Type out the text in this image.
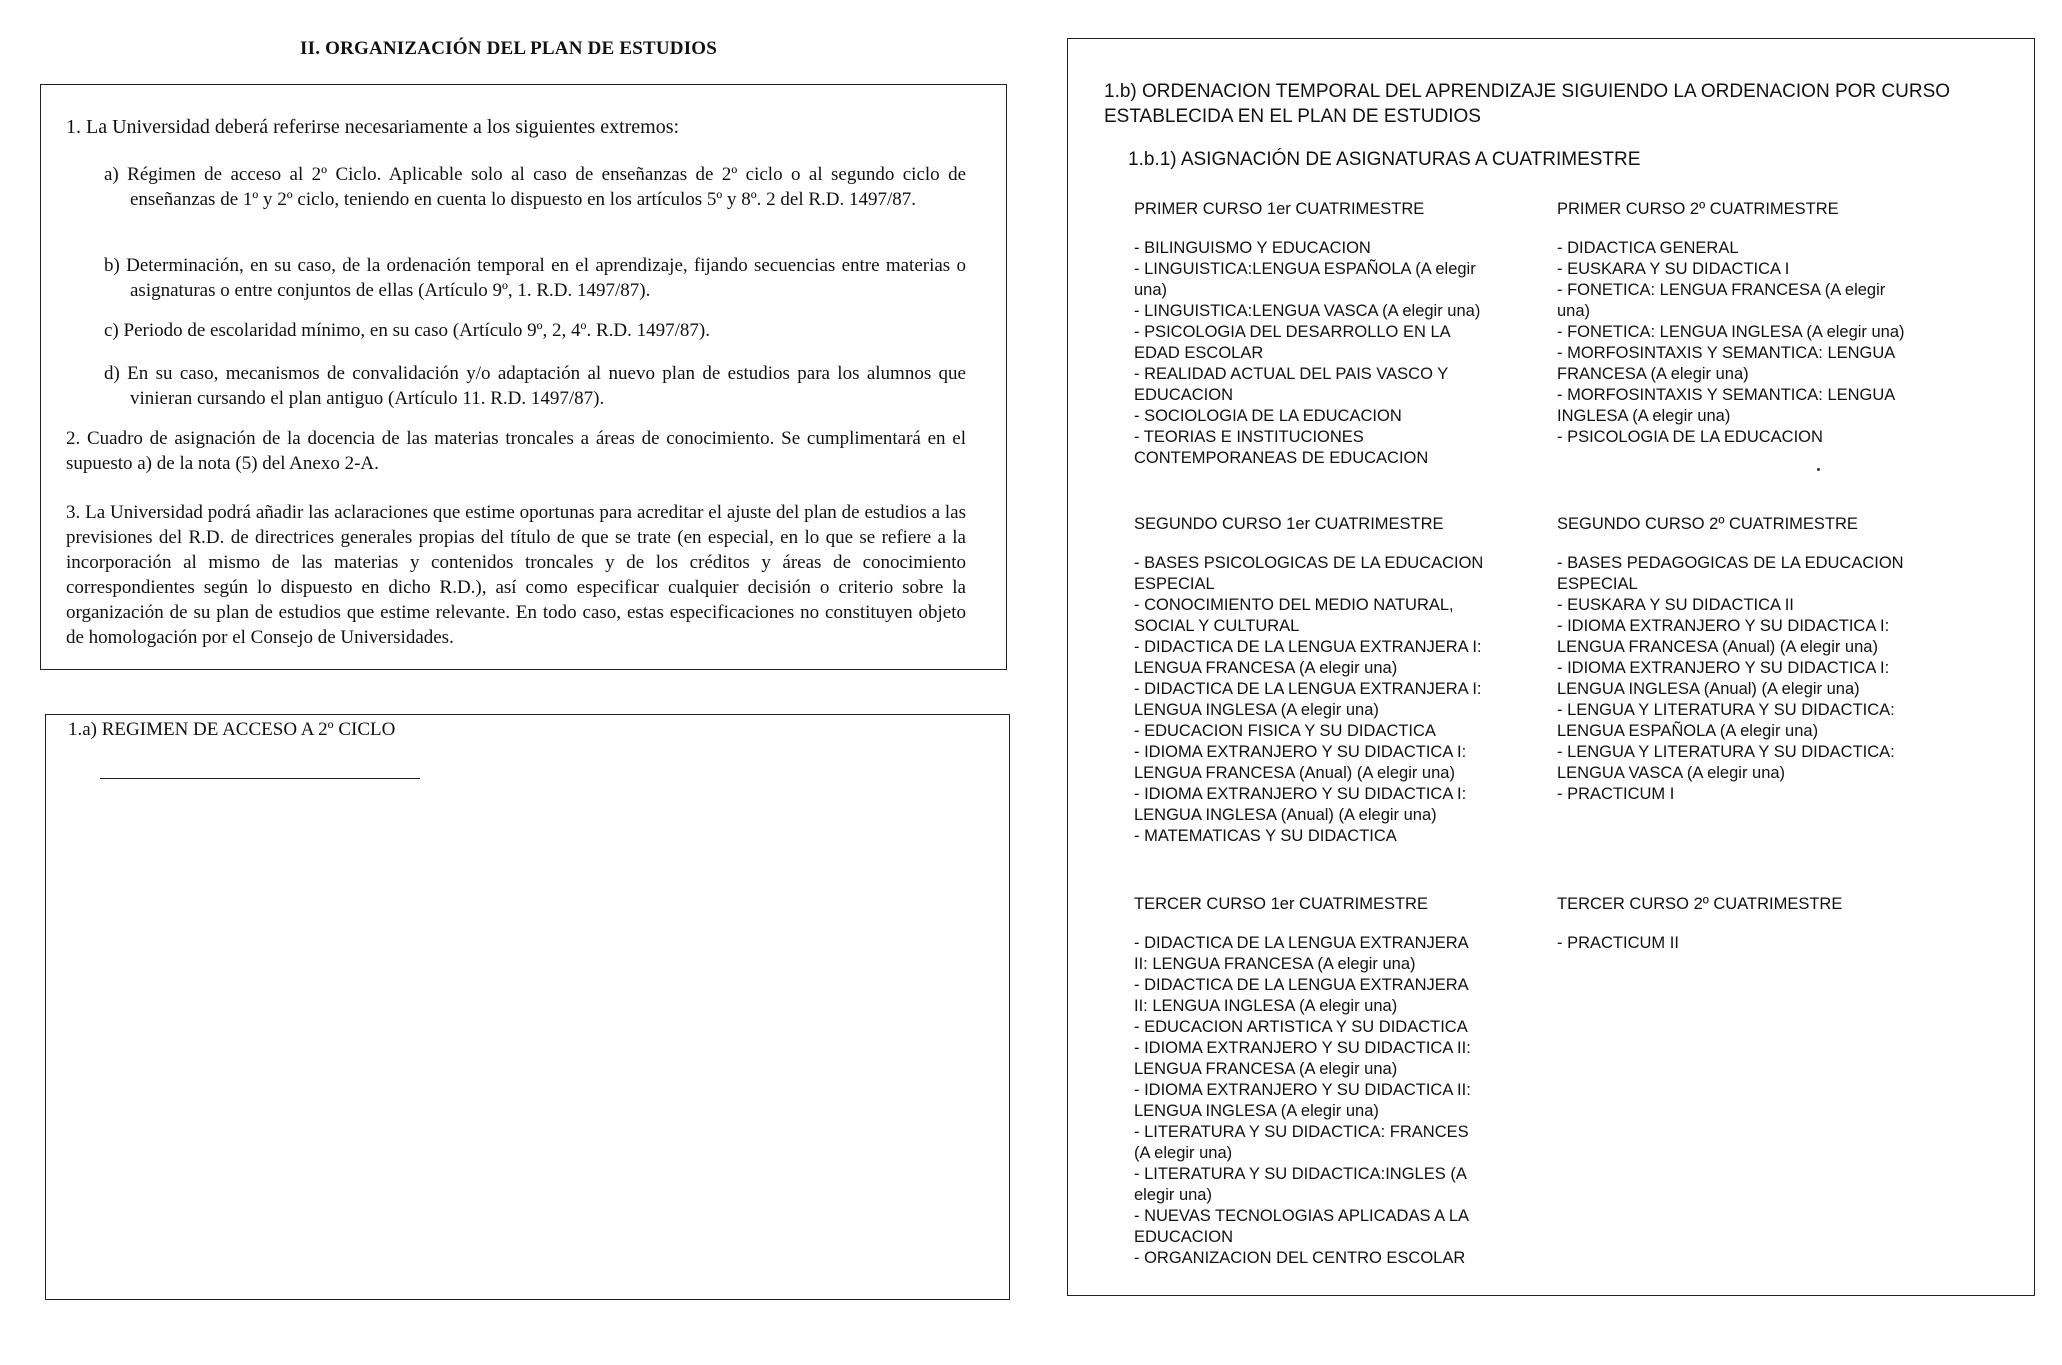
II. ORGANIZACIÓN DEL PLAN DE ESTUDIOS
1. La Universidad deberá referirse necesariamente a los siguientes extremos:
a) Régimen de acceso al 2º Ciclo. Aplicable solo al caso de enseñanzas de 2º ciclo o al segundo ciclo de enseñanzas de 1º y 2º ciclo, teniendo en cuenta lo dispuesto en los artículos 5º y 8º. 2 del R.D. 1497/87.
b) Determinación, en su caso, de la ordenación temporal en el aprendizaje, fijando secuencias entre materias o asignaturas o entre conjuntos de ellas (Artículo 9º, 1. R.D. 1497/87).
c) Periodo de escolaridad mínimo, en su caso (Artículo 9º, 2, 4º. R.D. 1497/87).
d) En su caso, mecanismos de convalidación y/o adaptación al nuevo plan de estudios para los alumnos que vinieran cursando el plan antiguo (Artículo 11. R.D. 1497/87).
2. Cuadro de asignación de la docencia de las materias troncales a áreas de conocimiento. Se cumplimentará en el supuesto a) de la nota (5) del Anexo 2-A.
3. La Universidad podrá añadir las aclaraciones que estime oportunas para acreditar el ajuste del plan de estudios a las previsiones del R.D. de directrices generales propias del título de que se trate (en especial, en lo que se refiere a la incorporación al mismo de las materias y contenidos troncales y de los créditos y áreas de conocimiento correspondientes según lo dispuesto en dicho R.D.), así como especificar cualquier decisión o criterio sobre la organización de su plan de estudios que estime relevante. En todo caso, estas especificaciones no constituyen objeto de homologación por el Consejo de Universidades.
1.a) REGIMEN DE ACCESO A 2º CICLO
1.b) ORDENACION TEMPORAL DEL APRENDIZAJE SIGUIENDO LA ORDENACION POR CURSO ESTABLECIDA EN EL PLAN DE ESTUDIOS
1.b.1) ASIGNACIÓN DE ASIGNATURAS A CUATRIMESTRE
PRIMER CURSO 1er CUATRIMESTRE
- BILINGUISMO Y EDUCACION
- LINGUISTICA:LENGUA ESPAÑOLA (A elegir
una)
- LINGUISTICA:LENGUA VASCA (A elegir una)
- PSICOLOGIA DEL DESARROLLO EN LA
EDAD ESCOLAR
- REALIDAD ACTUAL DEL PAIS VASCO Y
EDUCACION
- SOCIOLOGIA DE LA EDUCACION
- TEORIAS E INSTITUCIONES
CONTEMPORANEAS DE EDUCACION
PRIMER CURSO 2º CUATRIMESTRE
- DIDACTICA GENERAL
- EUSKARA Y SU DIDACTICA I
- FONETICA: LENGUA FRANCESA (A elegir
una)
- FONETICA: LENGUA INGLESA (A elegir una)
- MORFOSINTAXIS Y SEMANTICA: LENGUA
FRANCESA (A elegir una)
- MORFOSINTAXIS Y SEMANTICA: LENGUA
INGLESA (A elegir una)
- PSICOLOGIA DE LA EDUCACION
SEGUNDO CURSO 1er CUATRIMESTRE
- BASES PSICOLOGICAS DE LA EDUCACION
ESPECIAL
- CONOCIMIENTO DEL MEDIO NATURAL,
SOCIAL Y CULTURAL
- DIDACTICA DE LA LENGUA EXTRANJERA I:
LENGUA FRANCESA (A elegir una)
- DIDACTICA DE LA LENGUA EXTRANJERA I:
LENGUA INGLESA (A elegir una)
- EDUCACION FISICA Y SU DIDACTICA
- IDIOMA EXTRANJERO Y SU DIDACTICA I:
LENGUA FRANCESA (Anual) (A elegir una)
- IDIOMA EXTRANJERO Y SU DIDACTICA I:
LENGUA INGLESA (Anual) (A elegir una)
- MATEMATICAS Y SU DIDACTICA
SEGUNDO CURSO 2º CUATRIMESTRE
- BASES PEDAGOGICAS DE LA EDUCACION
ESPECIAL
- EUSKARA Y SU DIDACTICA II
- IDIOMA EXTRANJERO Y SU DIDACTICA I:
LENGUA FRANCESA (Anual) (A elegir una)
- IDIOMA EXTRANJERO Y SU DIDACTICA I:
LENGUA INGLESA (Anual) (A elegir una)
- LENGUA Y LITERATURA Y SU DIDACTICA:
LENGUA ESPAÑOLA (A elegir una)
- LENGUA Y LITERATURA Y SU DIDACTICA:
LENGUA VASCA (A elegir una)
- PRACTICUM I
TERCER CURSO 1er CUATRIMESTRE
- DIDACTICA DE LA LENGUA EXTRANJERA
II: LENGUA FRANCESA (A elegir una)
- DIDACTICA DE LA LENGUA EXTRANJERA
II: LENGUA INGLESA (A elegir una)
- EDUCACION ARTISTICA Y SU DIDACTICA
- IDIOMA EXTRANJERO Y SU DIDACTICA II:
LENGUA FRANCESA (A elegir una)
- IDIOMA EXTRANJERO Y SU DIDACTICA II:
LENGUA INGLESA (A elegir una)
- LITERATURA Y SU DIDACTICA: FRANCES
(A elegir una)
- LITERATURA Y SU DIDACTICA:INGLES (A
elegir una)
- NUEVAS TECNOLOGIAS APLICADAS A LA
EDUCACION
- ORGANIZACION DEL CENTRO ESCOLAR
TERCER CURSO 2º CUATRIMESTRE
- PRACTICUM II
